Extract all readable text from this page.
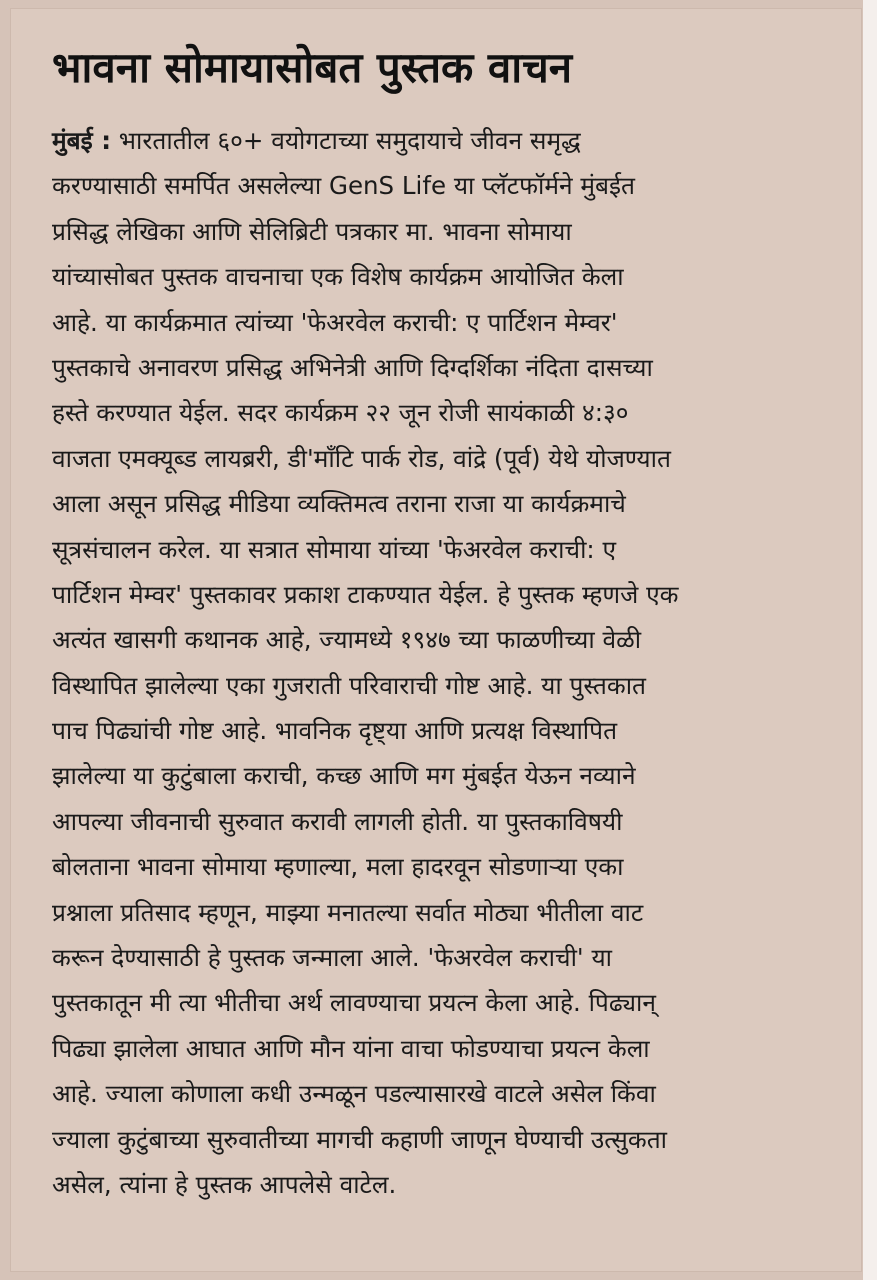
भावना सोमायासोबत पुस्तक वाचन
मुंबई : भारतातील ६०+ वयोगटाच्या समुदायाचे जीवन समृद्ध
करण्यासाठी समर्पित असलेल्या GenS Life या प्लॅटफॉर्मने मुंबईत
प्रसिद्ध लेखिका आणि सेलिब्रिटी पत्रकार मा. भावना सोमाया
यांच्यासोबत पुस्तक वाचनाचा एक विशेष कार्यक्रम आयोजित केला
आहे. या कार्यक्रमात त्यांच्या 'फेअरवेल कराची: ए पार्टिशन मेम्वर'
पुस्तकाचे अनावरण प्रसिद्ध अभिनेत्री आणि दिग्दर्शिका नंदिता दासच्या
हस्ते करण्यात येईल. सदर कार्यक्रम २२ जून रोजी सायंकाळी ४:३०
वाजता एमक्यूब्ड लायब्ररी, डी'मॉंटि पार्क रोड, वांद्रे (पूर्व) येथे योजण्यात
आला असून प्रसिद्ध मीडिया व्यक्तिमत्व तराना राजा या कार्यक्रमाचे
सूत्रसंचालन करेल. या सत्रात सोमाया यांच्या 'फेअरवेल कराची: ए
पार्टिशन मेम्वर' पुस्तकावर प्रकाश टाकण्यात येईल. हे पुस्तक म्हणजे एक
अत्यंत खासगी कथानक आहे, ज्यामध्ये १९४७ च्या फाळणीच्या वेळी
विस्थापित झालेल्या एका गुजराती परिवाराची गोष्ट आहे. या पुस्तकात
पाच पिढ्यांची गोष्ट आहे. भावनिक दृष्ट्या आणि प्रत्यक्ष विस्थापित
झालेल्या या कुटुंबाला कराची, कच्छ आणि मग मुंबईत येऊन नव्याने
आपल्या जीवनाची सुरुवात करावी लागली होती. या पुस्तकाविषयी
बोलताना भावना सोमाया म्हणाल्या, मला हादरवून सोडणाऱ्या एका
प्रश्नाला प्रतिसाद म्हणून, माझ्या मनातल्या सर्वात मोठ्या भीतीला वाट
करून देण्यासाठी हे पुस्तक जन्माला आले. 'फेअरवेल कराची' या
पुस्तकातून मी त्या भीतीचा अर्थ लावण्याचा प्रयत्न केला आहे. पिढ्यान्
पिढ्या झालेला आघात आणि मौन यांना वाचा फोडण्याचा प्रयत्न केला
आहे. ज्याला कोणाला कधी उन्मळून पडल्यासारखे वाटले असेल किंवा
ज्याला कुटुंबाच्या सुरुवातीच्या मागची कहाणी जाणून घेण्याची उत्सुकता
असेल, त्यांना हे पुस्तक आपलेसे वाटेल.
